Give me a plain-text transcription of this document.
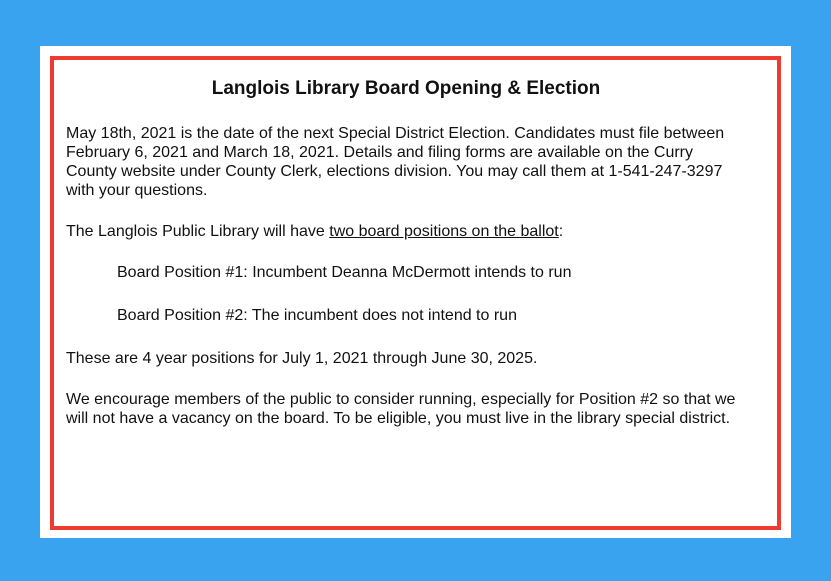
Langlois Library Board Opening & Election

May 18th, 2021 is the date of the next Special District Election. Candidates must file between February 6, 2021 and March 18, 2021. Details and filing forms are available on the Curry County website under County Clerk, elections division. You may call them at 1-541-247-3297 with your questions.

The Langlois Public Library will have two board positions on the ballot:

Board Position #1: Incumbent Deanna McDermott intends to run

Board Position #2: The incumbent does not intend to run

These are 4 year positions for July 1, 2021 through June 30, 2025.

We encourage members of the public to consider running, especially for Position #2 so that we will not have a vacancy on the board. To be eligible, you must live in the library special district.
